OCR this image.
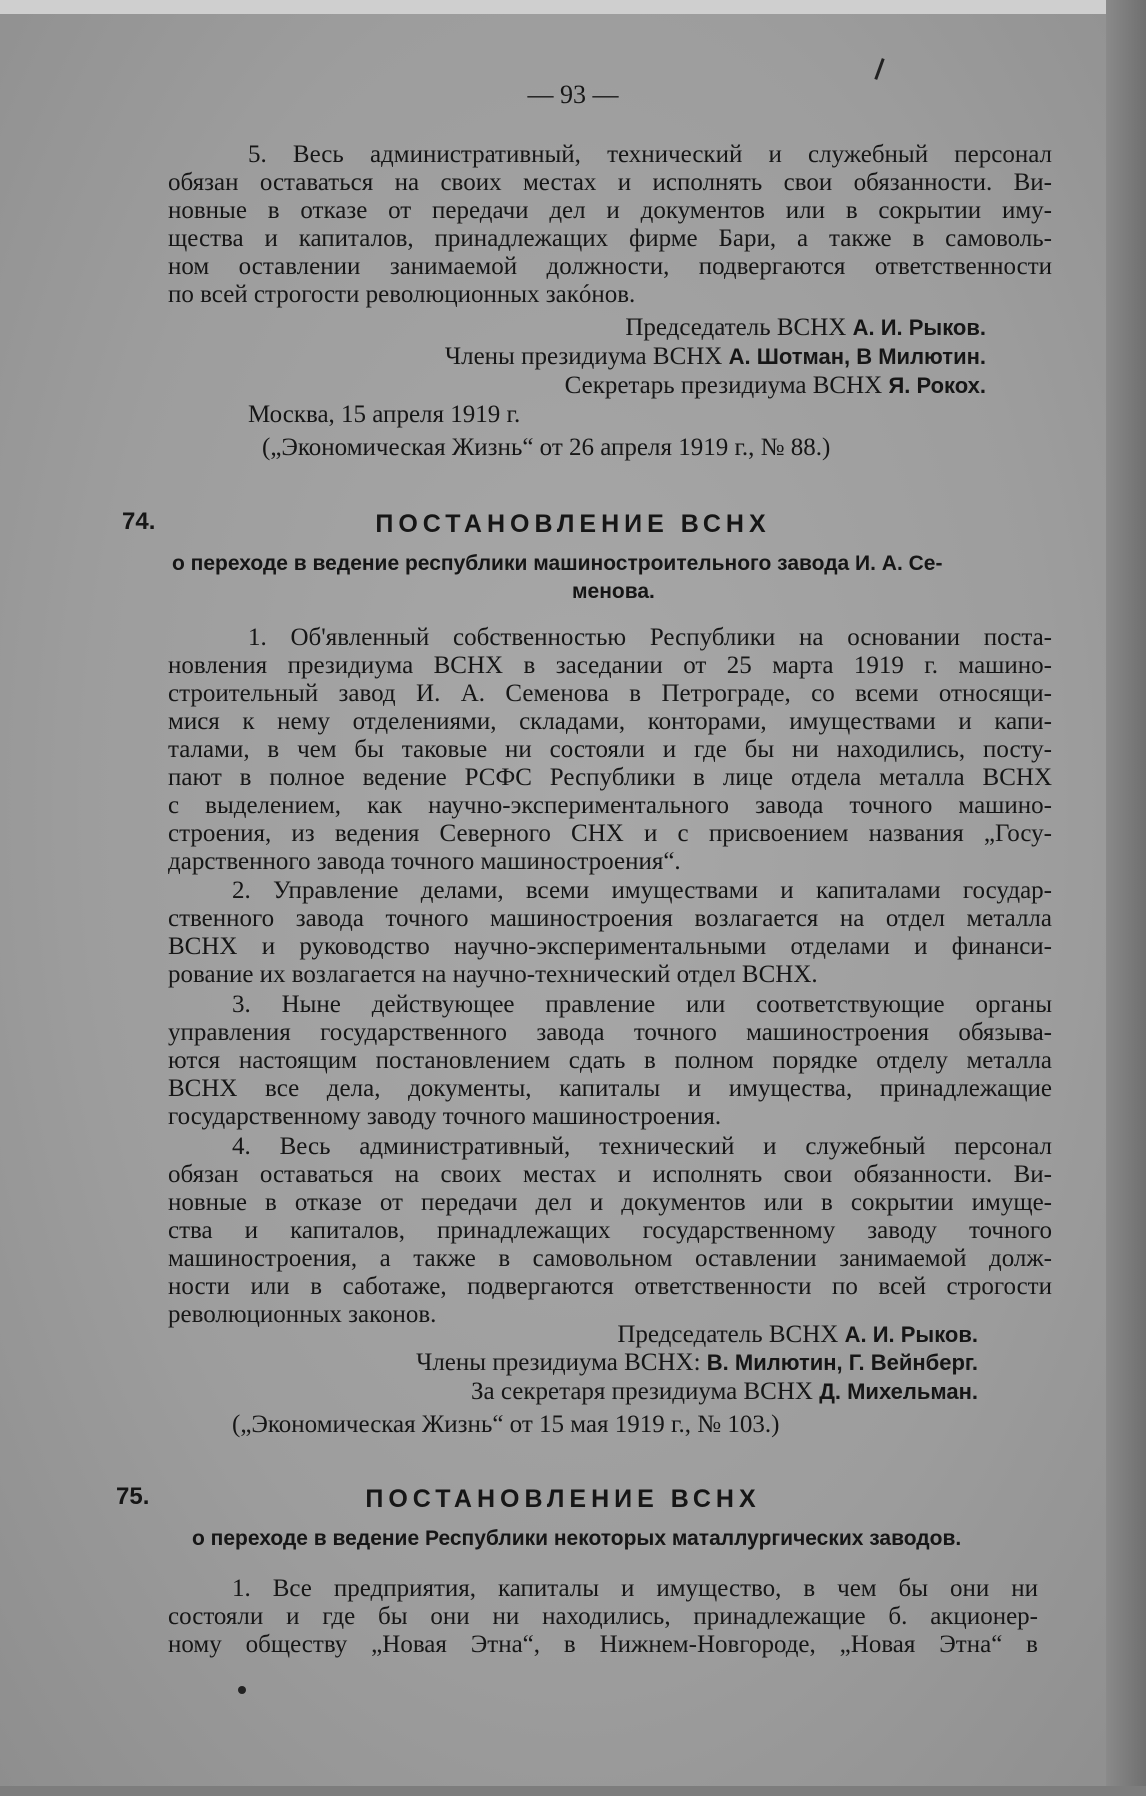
— 93 —
5. Весь административный, технический и служебный персонал
обязан оставаться на своих местах и исполнять свои обязанности. Ви-
новные в отказе от передачи дел и документов или в сокрытии иму-
щества и капиталов, принадлежащих фирме Бари, а также в самоволь-
ном оставлении занимаемой должности, подвергаются ответственности
по всей строгости революционных закóнов.
Председатель ВСНХ А. И. Рыков.
Члены президиума ВСНХ А. Шотман, В Милютин.
Секретарь президиума ВСНХ Я. Рокох.
Москва, 15 апреля 1919 г.
(„Экономическая Жизнь“ от 26 апреля 1919 г., № 88.)
74.	ПОСТАНОВЛЕНИЕ ВСНХ
о переходе в ведение республики машиностроительного завода И. А. Се-
менова.
1. Об'явленный собственностью Республики на основании поста-
новления президиума ВСНХ в заседании от 25 марта 1919 г. машино-
строительный завод И. А. Семенова в Петрограде, со всеми относящи-
мися к нему отделениями, складами, конторами, имуществами и капи-
талами, в чем бы таковые ни состояли и где бы ни находились, посту-
пают в полное ведение РСФС Республики в лице отдела металла ВСНХ
с выделением, как научно-экспериментального завода точного машино-
строения, из ведения Северного СНХ и с присвоением названия „Госу-
дарственного завода точного машиностроения“.
2. Управление делами, всеми имуществами и капиталами государ-
ственного завода точного машиностроения возлагается на отдел металла
ВСНХ и руководство научно-экспериментальными отделами и финанси-
рование их возлагается на научно-технический отдел ВСНХ.
3. Ныне действующее правление или соответствующие органы
управления государственного завода точного машиностроения обязыва-
ются настоящим постановлением сдать в полном порядке отделу металла
ВСНХ все дела, документы, капиталы и имущества, принадлежащие
государственному заводу точного машиностроения.
4. Весь административный, технический и служебный персонал
обязан оставаться на своих местах и исполнять свои обязанности. Ви-
новные в отказе от передачи дел и документов или в сокрытии имуще-
ства и капиталов, принадлежащих государственному заводу точного
машиностроения, а также в самовольном оставлении занимаемой долж-
ности или в саботаже, подвергаются ответственности по всей строгости
революционных законов.
Председатель ВСНХ А. И. Рыков.
Члены президиума ВСНХ: В. Милютин, Г. Вейнберг.
За секретаря президиума ВСНХ Д. Михельман.
(„Экономическая Жизнь“ от 15 мая 1919 г., № 103.)
75.	ПОСТАНОВЛЕНИЕ ВСНХ
о переходе в ведение Республики некоторых маталлургических заводов.
1. Все предприятия, капиталы и имущество, в чем бы они ни
состояли и где бы они ни находились, принадлежащие б. акционер-
ному обществу „Новая Этна“, в Нижнем-Новгороде, „Новая Этна“ в
